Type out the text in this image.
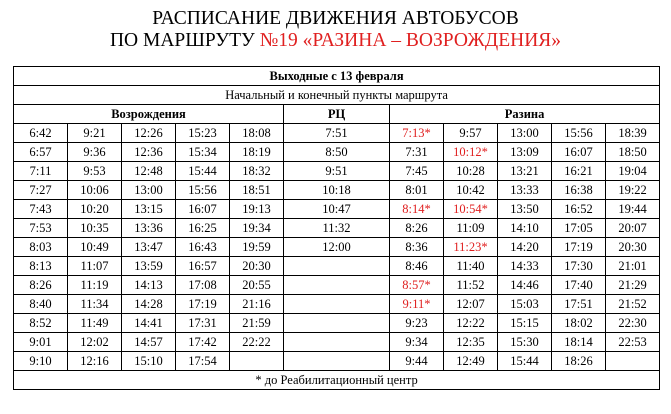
РАСПИСАНИЕ ДВИЖЕНИЯ АВТОБУСОВ
ПО МАРШРУТУ №19 «РАЗИНА – ВОЗРОЖДЕНИЯ»
Выходные с 13 февраля										
Начальный и конечный пункты маршрута										
Возрождения					РЦ	Разина				
6:42	9:21	12:26	15:23	18:08	7:51	7:13*	9:57	13:00	15:56	18:39
6:57	9:36	12:36	15:34	18:19	8:50	7:31	10:12*	13:09	16:07	18:50
7:11	9:53	12:48	15:44	18:32	9:51	7:45	10:28	13:21	16:21	19:04
7:27	10:06	13:00	15:56	18:51	10:18	8:01	10:42	13:33	16:38	19:22
7:43	10:20	13:15	16:07	19:13	10:47	8:14*	10:54*	13:50	16:52	19:44
7:53	10:35	13:36	16:25	19:34	11:32	8:26	11:09	14:10	17:05	20:07
8:03	10:49	13:47	16:43	19:59	12:00	8:36	11:23*	14:20	17:19	20:30
8:13	11:07	13:59	16:57	20:30		8:46	11:40	14:33	17:30	21:01
8:26	11:19	14:13	17:08	20:55		8:57*	11:52	14:46	17:40	21:29
8:40	11:34	14:28	17:19	21:16		9:11*	12:07	15:03	17:51	21:52
8:52	11:49	14:41	17:31	21:59		9:23	12:22	15:15	18:02	22:30
9:01	12:02	14:57	17:42	22:22		9:34	12:35	15:30	18:14	22:53
9:10	12:16	15:10	17:54			9:44	12:49	15:44	18:26	
* до Реабилитационный центр										
